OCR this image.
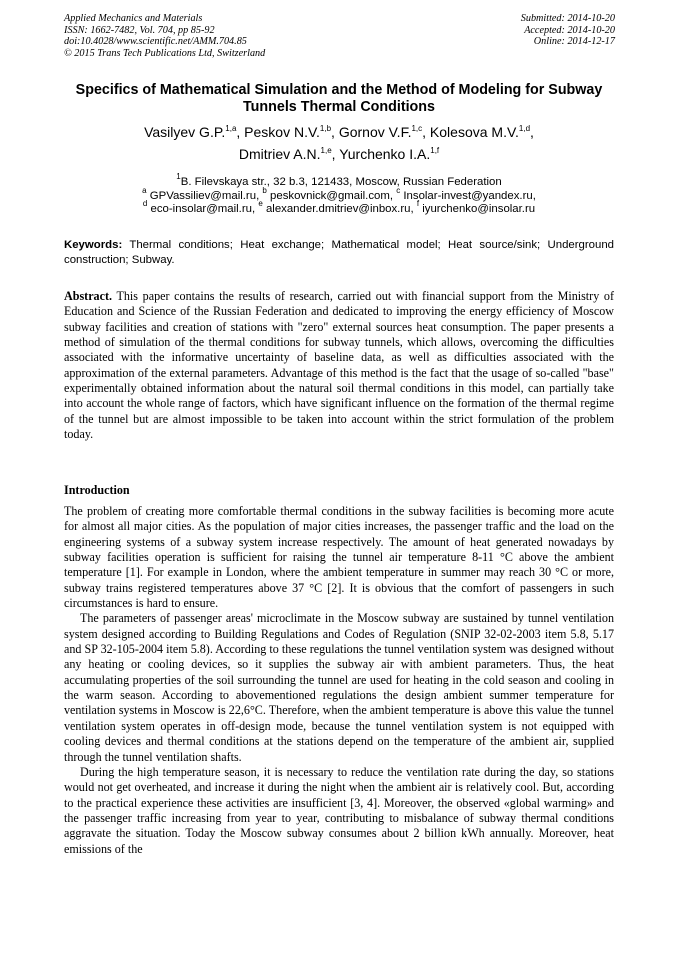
Applied Mechanics and Materials
ISSN: 1662-7482, Vol. 704, pp 85-92
doi:10.4028/www.scientific.net/AMM.704.85
© 2015 Trans Tech Publications Ltd, Switzerland
Submitted: 2014-10-20
Accepted: 2014-10-20
Online: 2014-12-17
Specifics of Mathematical Simulation and the Method of Modeling for Subway Tunnels Thermal Conditions
Vasilyev G.P.$^{1,a}$, Peskov N.V.$^{1,b}$, Gornov V.F.$^{1,c}$, Kolesova M.V.$^{1,d}$,
Dmitriev A.N.$^{1,e}$, Yurchenko I.A.$^{1,f}$
$^1$B. Filevskaya str., 32 b.3, 121433, Moscow, Russian Federation
$^a$ GPVassiliev@mail.ru, $^b$ peskovnick@gmail.com, $^c$ Insolar-invest@yandex.ru,
$^d$ eco-insolar@mail.ru, $^e$ alexander.dmitriev@inbox.ru, $^f$ iyurchenko@insolar.ru
Keywords: Thermal conditions; Heat exchange; Mathematical model; Heat source/sink; Underground construction; Subway.
Abstract. This paper contains the results of research, carried out with financial support from the Ministry of Education and Science of the Russian Federation and dedicated to improving the energy efficiency of Moscow subway facilities and creation of stations with "zero" external sources heat consumption. The paper presents a method of simulation of the thermal conditions for subway tunnels, which allows, overcoming the difficulties associated with the informative uncertainty of baseline data, as well as difficulties associated with the approximation of the external parameters. Advantage of this method is the fact that the usage of so-called "base" experimentally obtained information about the natural soil thermal conditions in this model, can partially take into account the whole range of factors, which have significant influence on the formation of the thermal regime of the tunnel but are almost impossible to be taken into account within the strict formulation of the problem today.
Introduction

The problem of creating more comfortable thermal conditions in the subway facilities is becoming more acute for almost all major cities. As the population of major cities increases, the passenger traffic and the load on the engineering systems of a subway system increase respectively. The amount of heat generated nowadays by subway facilities operation is sufficient for raising the tunnel air temperature 8-11 °C above the ambient temperature [1]. For example in London, where the ambient temperature in summer may reach 30 °C or more, subway trains registered temperatures above 37 °C [2]. It is obvious that the comfort of passengers in such circumstances is hard to ensure.

The parameters of passenger areas' microclimate in the Moscow subway are sustained by tunnel ventilation system designed according to Building Regulations and Codes of Regulation (SNIP 32-02-2003 item 5.8, 5.17 and SP 32-105-2004 item 5.8). According to these regulations the tunnel ventilation system was designed without any heating or cooling devices, so it supplies the subway air with ambient parameters. Thus, the heat accumulating properties of the soil surrounding the tunnel are used for heating in the cold season and cooling in the warm season. According to abovementioned regulations the design ambient summer temperature for ventilation systems in Moscow is 22,6°C. Therefore, when the ambient temperature is above this value the tunnel ventilation system operates in off-design mode, because the tunnel ventilation system is not equipped with cooling devices and thermal conditions at the stations depend on the temperature of the ambient air, supplied through the tunnel ventilation shafts.

During the high temperature season, it is necessary to reduce the ventilation rate during the day, so stations would not get overheated, and increase it during the night when the ambient air is relatively cool. But, according to the practical experience these activities are insufficient [3, 4]. Moreover, the observed «global warming» and the passenger traffic increasing from year to year, contributing to misbalance of subway thermal conditions aggravate the situation. Today the Moscow subway consumes about 2 billion kWh annually. Moreover, heat emissions of the
